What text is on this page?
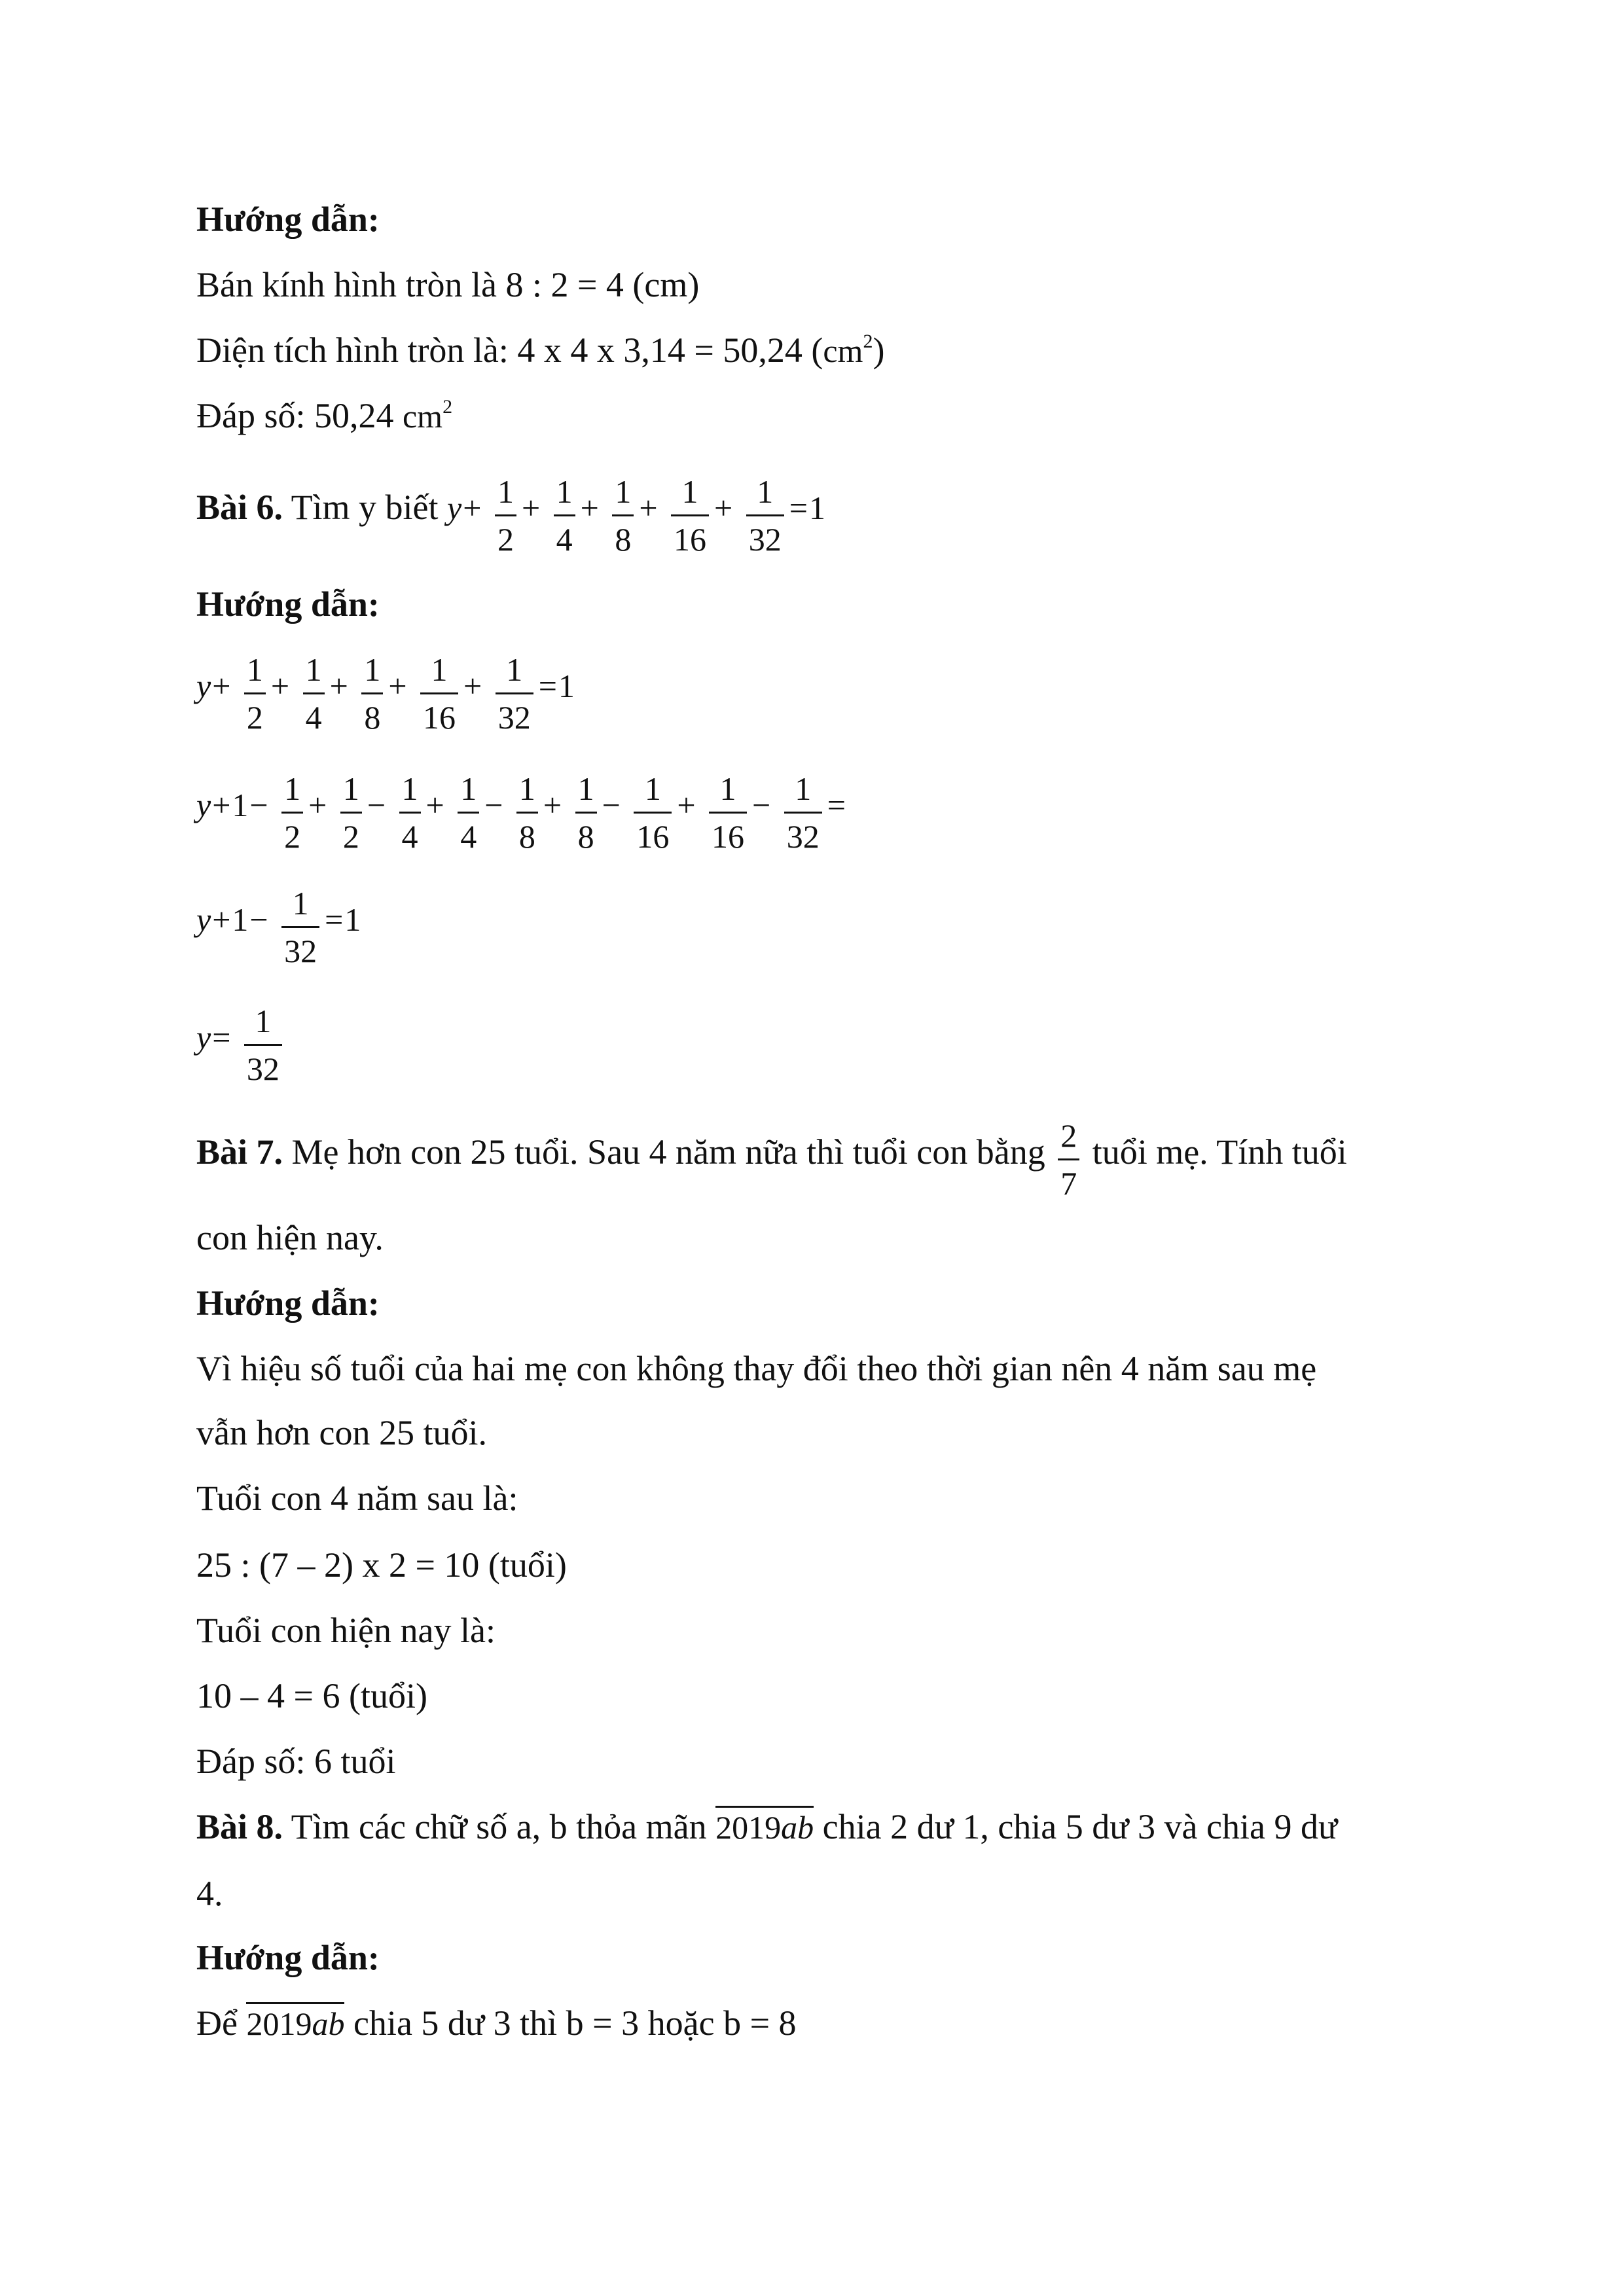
Hướng dẫn:
Bán kính hình tròn là 8 : 2 = 4 (cm)
Diện tích hình tròn là: 4 x 4 x 3,14 = 50,24 $(cm^2)$
Đáp số: 50,24 $cm^2$
Bài 6. Tìm y biết $y+ \frac{1}{2} + \frac{1}{4} + \frac{1}{8} + \frac{1}{16} + \frac{1}{32} =1$
Hướng dẫn:
$y+ \frac{1}{2} + \frac{1}{4} + \frac{1}{8} + \frac{1}{16} + \frac{1}{32} =1$
$y+1- \frac{1}{2} + \frac{1}{2} - \frac{1}{4} + \frac{1}{4} - \frac{1}{8} + \frac{1}{8} - \frac{1}{16} + \frac{1}{16} - \frac{1}{32}$ =
$y+1- \frac{1}{32} =1$
$y= \frac{1}{32}$
Bài 7. Mẹ hơn con 25 tuổi. Sau 4 năm nữa thì tuổi con bằng $\frac{2}{7}$ tuổi mẹ. Tính tuổi
con hiện nay.
Hướng dẫn:
Vì hiệu số tuổi của hai mẹ con không thay đổi theo thời gian nên 4 năm sau mẹ
vẫn hơn con 25 tuổi.
Tuổi con 4 năm sau là:
25 : (7 – 2) x 2 = 10 (tuổi)
Tuổi con hiện nay là:
10 – 4 = 6 (tuổi)
Đáp số: 6 tuổi
Bài 8. Tìm các chữ số a, b thỏa mãn 2019ab chia 2 dư 1, chia 5 dư 3 và chia 9 dư
4.
Hướng dẫn:
Để 2019ab chia 5 dư 3 thì b = 3 hoặc b = 8
